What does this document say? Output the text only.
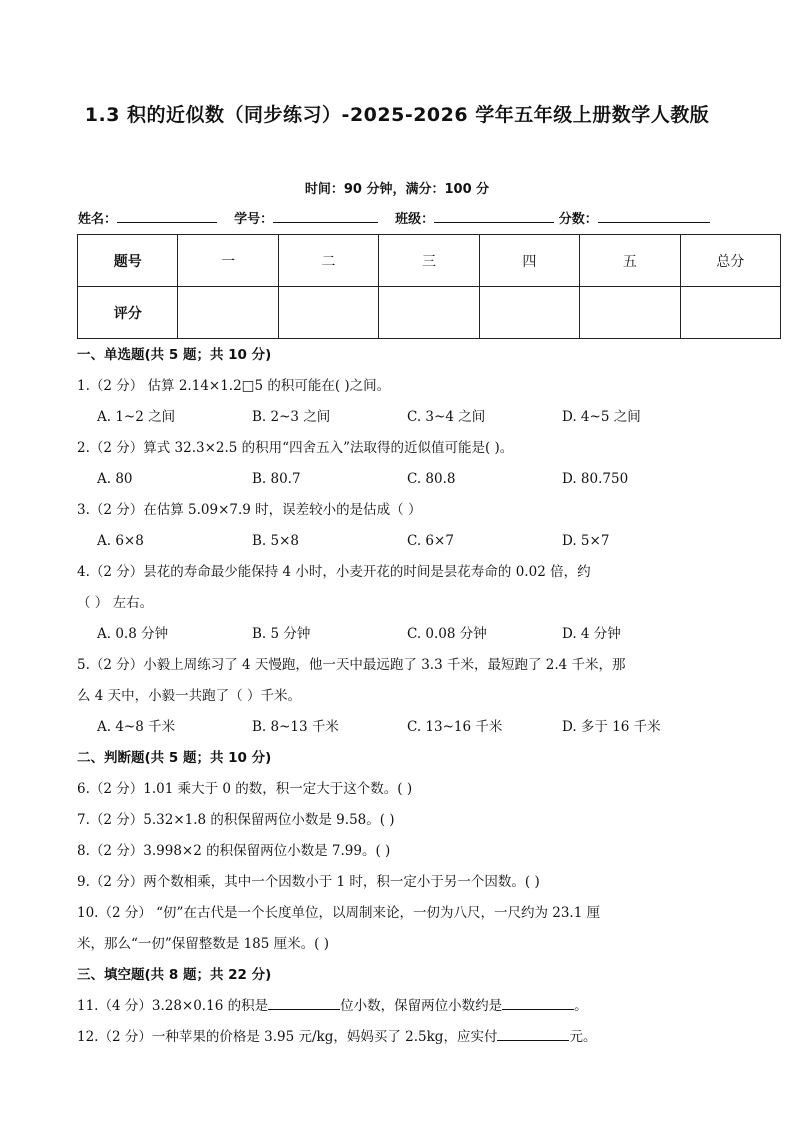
1.3 积的近似数（同步练习）-2025-2026 学年五年级上册数学人教版
时间：90 分钟，满分：100 分
姓名：	学号：	班级：	分数：
题号	一	二	三	四	五	总分
评分						
一、单选题(共 5 题；共 10 分)
1.（2 分） 估算 2.14×1.2□5 的积可能在( )之间。
A. 1~2 之间	B. 2~3 之间	C. 3~4 之间	D. 4~5 之间
2.（2 分）算式 32.3×2.5 的积用“四舍五入”法取得的近似值可能是( )。
A. 80	B. 80.7	C. 80.8	D. 80.750
3.（2 分）在估算 5.09×7.9 时，误差较小的是估成（ ）
A. 6×8	B. 5×8	C. 6×7	D. 5×7
4.（2 分）昙花的寿命最少能保持 4 小时，小麦开花的时间是昙花寿命的 0.02 倍，约
（ ） 左右。
A. 0.8 分钟	B. 5 分钟	C. 0.08 分钟	D. 4 分钟
5.（2 分）小毅上周练习了 4 天慢跑，他一天中最远跑了 3.3 千米，最短跑了 2.4 千米，那
么 4 天中，小毅一共跑了（ ）千米。
A. 4~8 千米	B. 8~13 千米	C. 13~16 千米	D. 多于 16 千米
二、判断题(共 5 题；共 10 分)
6.（2 分）1.01 乘大于 0 的数，积一定大于这个数。( )
7.（2 分）5.32×1.8 的积保留两位小数是 9.58。( )
8.（2 分）3.998×2 的积保留两位小数是 7.99。( )
9.（2 分）两个数相乘，其中一个因数小于 1 时，积一定小于另一个因数。( )
10.（2 分） “仞”在古代是一个长度单位，以周制来论，一仞为八尺，一尺约为 23.1 厘
米，那么“一仞”保留整数是 185 厘米。( )
三、填空题(共 8 题；共 22 分)
11.（4 分）3.28×0.16 的积是	位小数，保留两位小数约是	。
12.（2 分）一种苹果的价格是 3.95 元/kg，妈妈买了 2.5kg，应实付	元。
